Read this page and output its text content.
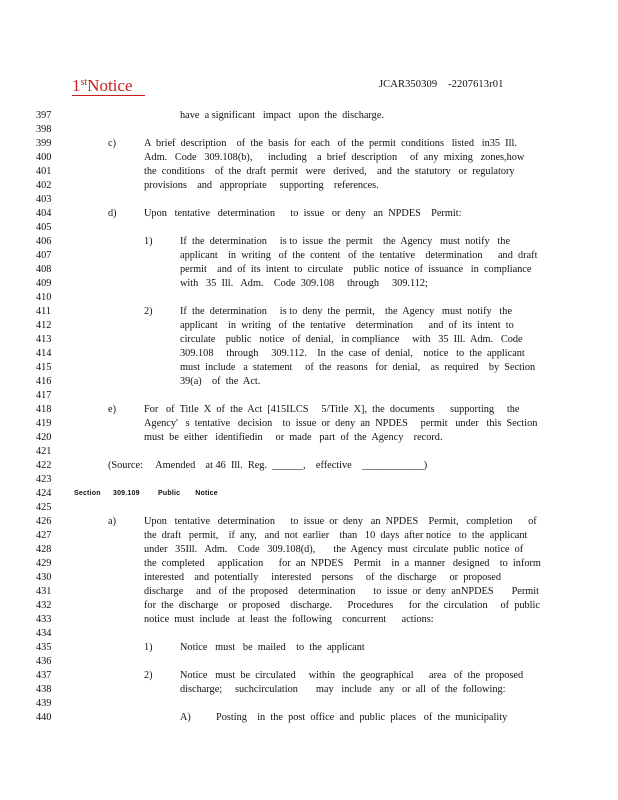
1stNotice	JCAR350309    -2207613r01
397	have  a significant   impact   upon  the  discharge.
398
399	c)	A  brief  description    of  the  basis  for  each   of  the  permit  conditions   listed   in35  Ill.
400	Adm.   Code   309.108(b),      including    a  brief  description     of  any  mixing   zones,how
401	the  conditions    of  the  draft  permit   were   derived,    and  the  statutory   or  regulatory
402	provisions    and   appropriate     supporting    references.
403
404	d)	Upon   tentative   determination      to  issue   or  deny   an  NPDES    Permit:
405
406	1)	If  the  determination     is to  issue  the  permit    the  Agency   must  notify   the
407	applicant    in  writing   of  the  content   of  the  tentative    determination      and  draft
408	permit    and  of  its  intent  to  circulate    public  notice  of  issuance   in  compliance
409	with   35  Ill.   Adm.    Code  309.108     through     309.112;
410
411	2)	If  the  determination     is to  deny  the  permit,    the  Agency   must  notify   the
412	applicant    in  writing   of  the  tentative    determination      and  of  its  intent  to
413	circulate    public   notice   of  denial,   in compliance     with   35  Ill.  Adm.   Code
414	309.108     through     309.112.    In  the  case  of  denial,    notice   to  the  applicant
415	must  include   a  statement     of  the  reasons   for  denial,    as  required    by  Section
416	39(a)    of  the  Act.
417
418	e)	For   of  Title  X  of  the  Act  [415ILCS     5/Title  X],  the  documents      supporting     the
419	Agency'   s  tentative   decision    to  issue  or  deny  an  NPDES     permit   under   this  Section
420	must  be  either   identifiedin     or  made   part  of  the  Agency    record.
421
422	(Source:     Amended    at 46  Ill.  Reg.  ______,    effective    ____________)
423
424	Section 309.109	Public       Notice
425
426	a)	Upon   tentative   determination      to  issue  or  deny   an  NPDES    Permit,   completion      of
427	the  draft   permit,    if  any,   and  not  earlier    than   10  days  after notice   to  the  applicant
428	under   35Ill.   Adm.    Code   309.108(d),       the  Agency  must  circulate  public  notice  of
429	the  completed     application      for  an  NPDES    Permit    in  a  manner   designed    to  inform
430	interested    and  potentially     interested    persons     of  the  discharge     or  proposed
431	discharge     and   of  the  proposed    determination       to  issue  or  deny  anNPDES       Permit
432	for  the  discharge    or  proposed    discharge.      Procedures      for  the  circulation     of  public
433	notice  must  include   at  least  the  following    concurrent      actions:
434
435	1)	Notice   must   be  mailed    to  the  applicant
436
437	2)	Notice   must  be  circulated     within   the  geographical      area   of  the  proposed
438	discharge;     suchcirculation       may   include   any   or  all  of  the  following:
439
440	A) Posting    in  the  post  office  and  public  places   of  the  municipality
